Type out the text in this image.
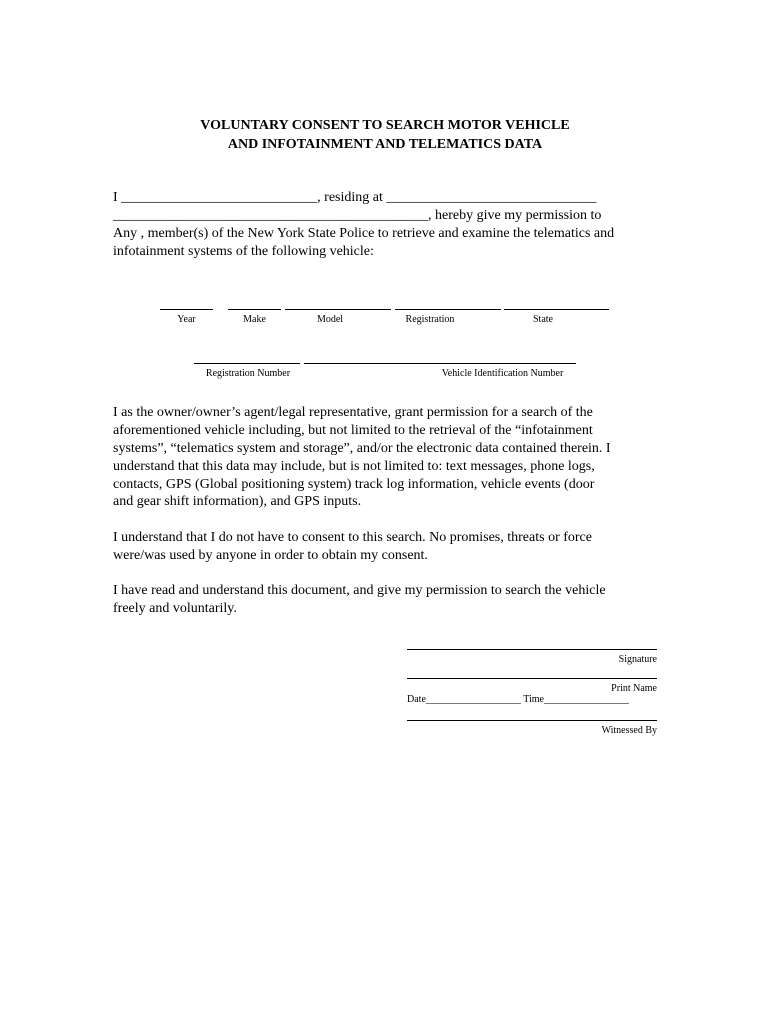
VOLUNTARY CONSENT TO SEARCH MOTOR VEHICLE
AND INFOTAINMENT AND TELEMATICS DATA
I ____________________________, residing at ______________________________
_____________________________________________, hereby give my permission to
Any , member(s) of the New York State Police to retrieve and examine the telematics and
infotainment systems of the following vehicle:
Year	Make	Model	Registration	State
Registration Number	Vehicle Identification Number
I as the owner/owner’s agent/legal representative, grant permission for a search of the
aforementioned vehicle including, but not limited to the retrieval of the “infotainment
systems”, “telematics system and storage”, and/or the electronic data contained therein. I
understand that this data may include, but is not limited to: text messages, phone logs,
contacts, GPS (Global positioning system) track log information, vehicle events (door
and gear shift information), and GPS inputs.
I understand that I do not have to consent to this search. No promises, threats or force
were/was used by anyone in order to obtain my consent.
I have read and understand this document, and give my permission to search the vehicle
freely and voluntarily.
Signature
Print Name
Date___________________ Time_________________
Witnessed By
